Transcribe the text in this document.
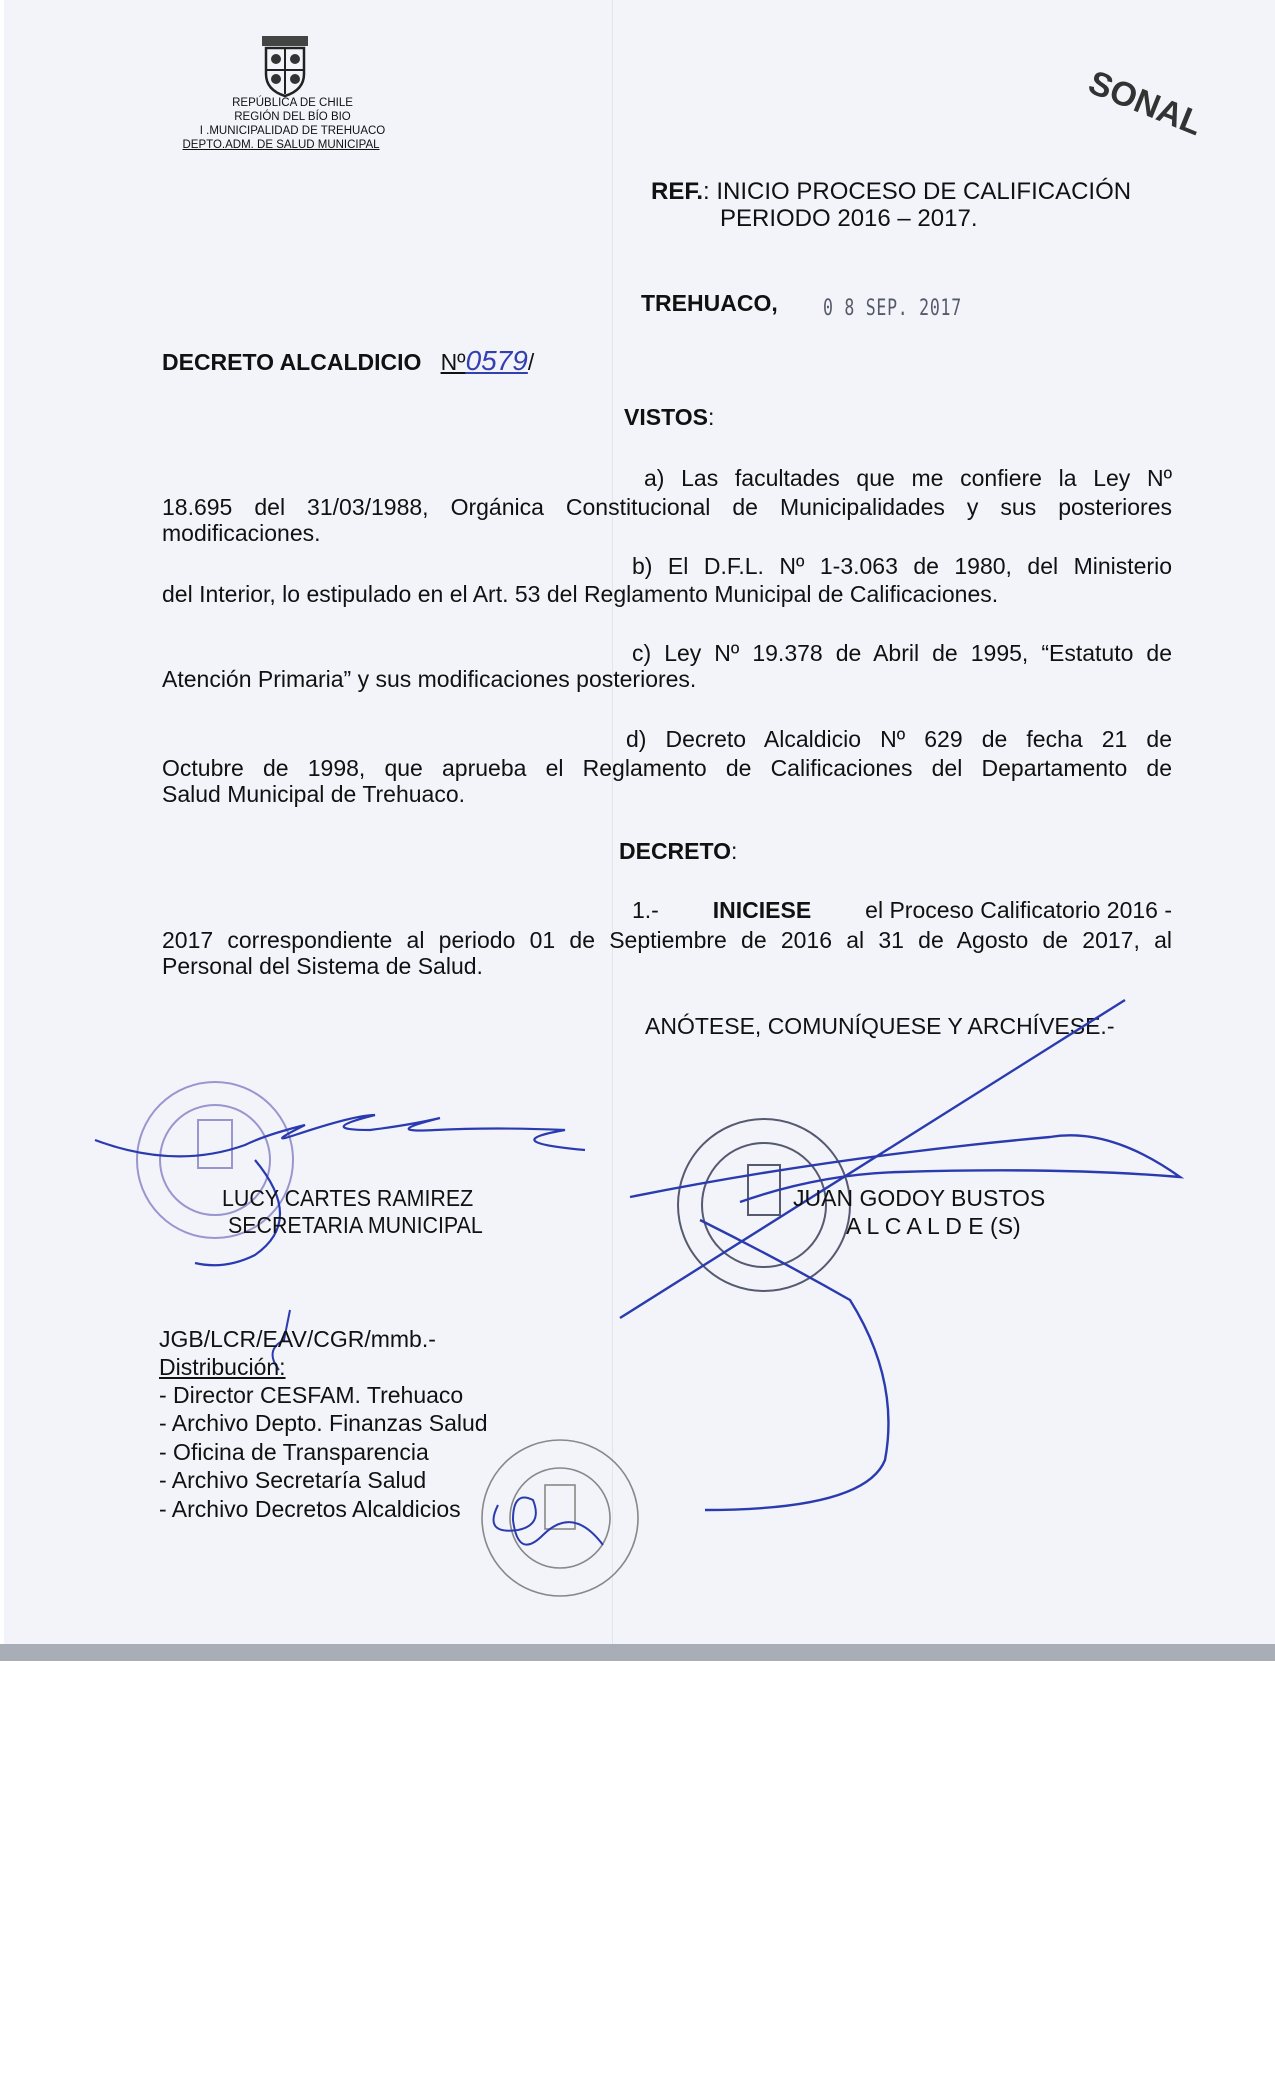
REPÚBLICA DE CHILE
REGIÓN DEL BÍO BIO
I .MUNICIPALIDAD DE TREHUACO
DEPTO.ADM. DE SALUD MUNICIPAL
SONAL
REF.: INICIO PROCESO DE CALIFICACIÓN
PERIODO 2016 – 2017.
TREHUACO, 0 8 SEP. 2017
DECRETO ALCALDICIO Nº0579/
VISTOS:
a) Las facultades que me confiere la Ley Nº
18.695 del 31/03/1988, Orgánica Constitucional de Municipalidades y sus posteriores
modificaciones.
b) El D.F.L. Nº 1-3.063 de 1980, del Ministerio
del Interior, lo estipulado en el Art. 53 del Reglamento Municipal de Calificaciones.
c) Ley Nº 19.378 de Abril de 1995, “Estatuto de
Atención Primaria” y sus modificaciones posteriores.
d) Decreto Alcaldicio Nº 629 de fecha 21 de
Octubre de 1998, que aprueba el Reglamento de Calificaciones del Departamento de
Salud Municipal de Trehuaco.
DECRETO:
1.- INICIESE el Proceso Calificatorio 2016 -
2017 correspondiente al periodo 01 de Septiembre de 2016 al 31 de Agosto de 2017, al
Personal del Sistema de Salud.
ANÓTESE, COMUNÍQUESE Y ARCHÍVESE.-
LUCY CARTES RAMIREZ
SECRETARIA MUNICIPAL
JUAN GODOY BUSTOS
A L C A L D E (S)
JGB/LCR/EAV/CGR/mmb.-
Distribución:
- Director CESFAM. Trehuaco
- Archivo Depto. Finanzas Salud
- Oficina de Transparencia
- Archivo Secretaría Salud
- Archivo Decretos Alcaldicios
